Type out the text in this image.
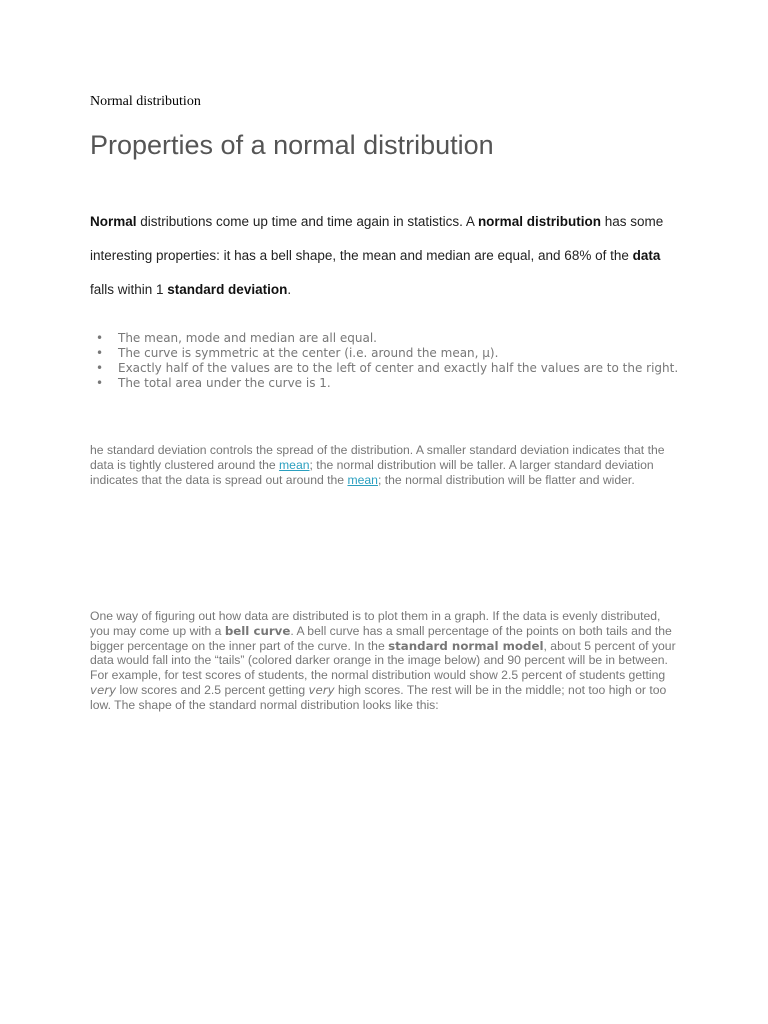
Normal distribution
Properties of a normal distribution

Normal distributions come up time and time again in statistics. A normal distribution has some interesting properties: it has a bell shape, the mean and median are equal, and 68% of the data falls within 1 standard deviation.

• The mean, mode and median are all equal.
• The curve is symmetric at the center (i.e. around the mean, μ).
• Exactly half of the values are to the left of center and exactly half the values are to the right.
• The total area under the curve is 1.

he standard deviation controls the spread of the distribution. A smaller standard deviation indicates that the data is tightly clustered around the mean; the normal distribution will be taller. A larger standard deviation indicates that the data is spread out around the mean; the normal distribution will be flatter and wider.

One way of figuring out how data are distributed is to plot them in a graph. If the data is evenly distributed, you may come up with a bell curve. A bell curve has a small percentage of the points on both tails and the bigger percentage on the inner part of the curve. In the standard normal model, about 5 percent of your data would fall into the “tails” (colored darker orange in the image below) and 90 percent will be in between. For example, for test scores of students, the normal distribution would show 2.5 percent of students getting very low scores and 2.5 percent getting very high scores. The rest will be in the middle; not too high or too low. The shape of the standard normal distribution looks like this:
